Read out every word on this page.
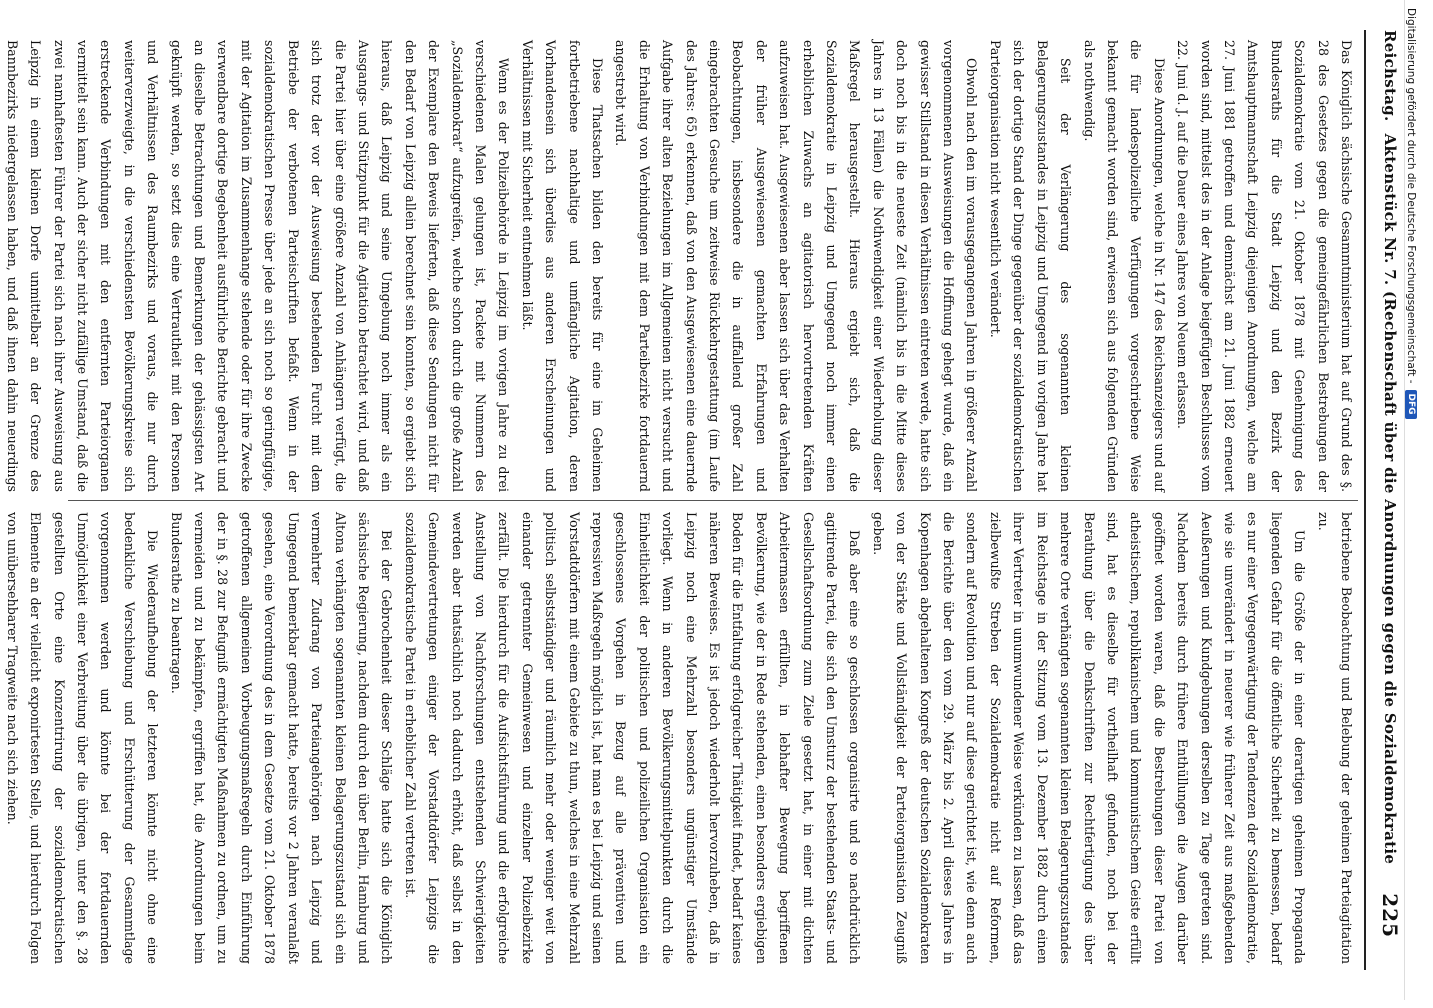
Reichstag.
Aktenstück Nr. 7. (Rechenschaft über die Anordnungen gegen die Sozialdemokratie
225

Das Königlich sächsische Gesammtministerium hat auf Grund des §. 28 des Gesetzes gegen die gemeingefährlichen Bestrebungen der Sozialdemokratie vom 21. Oktober 1878 mit Genehmigung des Bundesraths für die Stadt Leipzig und den Bezirk der Amtshauptmannschaft Leipzig diejenigen Anordnungen, welche am 27. Juni 1881 getroffen und demnächst am 21. Juni 1882 erneuert worden sind, mittelst des in der Anlage beigefügten Beschlusses vom 22. Juni d. J. auf die Dauer eines Jahres von Neuem erlassen.

Diese Anordnungen, welche in Nr. 147 des Reichsanzeigers und auf die für landespolizeiliche Verfügungen vorgeschriebene Weise bekannt gemacht worden sind, erwiesen sich aus folgenden Gründen als nothwendig.

Seit der Verlängerung des sogenannten kleinen Belagerungszustandes in Leipzig und Umgegend im vorigen Jahre hat sich der dortige Stand der Dinge gegenüber der sozialdemokratischen Parteiorganisation nicht wesentlich verändert.

Obwohl nach den im vorausgegangenen Jahren in größerer Anzahl vorgenommenen Ausweisungen die Hoffnung gehegt wurde, daß ein gewisser Stillstand in diesen Verhältnissen eintreten werde, hatte sich doch noch bis in die neueste Zeit (nämlich bis in die Mitte dieses Jahres in 13 Fällen) die Nothwendigkeit einer Wiederholung dieser Maßregel herausgestellt. Hieraus ergiebt sich, daß die Sozialdemokratie in Leipzig und Umgegend noch immer einen erheblichen Zuwachs an agitatorisch hervortretenden Kräften aufzuweisen hat. Ausgewiesenen aber lassen sich über das Verhalten der früher Ausgewiesenen gemachten Erfahrungen und Beobachtungen, insbesondere die in auffallend großer Zahl eingebrachten Gesuche um zeitweise Rückkehrgestattung (im Laufe des Jahres: 65) erkennen, daß von den Ausgewiesenen eine dauernde Aufgabe ihrer alten Beziehungen im Allgemeinen nicht versucht und die Erhaltung von Verbindungen mit dem Parteibezirke fortdauernd angestrebt wird.

Diese Thatsachen bilden den bereits für eine im Geheimen fortbetriebene nachhaltige und umfängliche Agitation, deren Vorhandensein sich überdies aus anderen Erscheinungen und Verhältnissen mit Sicherheit entnehmen läßt.

Wenn es der Polizeibehörde in Leipzig im vorigen Jahre zu drei verschiedenen Malen gelungen ist, Packete mit Nummern des „Sozialdemokrat“ aufzugreifen, welche schon durch die große Anzahl der Exemplare den Beweis lieferten, daß diese Sendungen nicht für den Bedarf von Leipzig allein berechnet sein konnten, so ergiebt sich hieraus, daß Leipzig und seine Umgebung noch immer als ein Ausgangs- und Stützpunkt für die Agitation betrachtet wird, und daß die Partei hier über eine größere Anzahl von Anhängern verfügt, die sich trotz der vor der Ausweisung bestehenden Furcht mit dem Betriebe der verbotenen Parteischriften befaßt. Wenn in der sozialdemokratischen Presse über jede an sich noch so geringfügige, mit der Agitation im Zusammenhange stehende oder für ihre Zwecke verwendbare dortige Begebenheit ausführliche Berichte gebracht und an dieselbe Betrachtungen und Bemerkungen der gehässigsten Art geknüpft werden, so setzt dies eine Vertrautheit mit den Personen und Verhältnissen des Raumbezirks und voraus, die nur durch weiterverzweigte, in die verschiedensten Bevölkerungskreise sich erstreckende Verbindungen mit den entfernten Parteiorganen vermittelt sein kann. Auch der sicher nicht zufällige Umstand, daß die zwei namhaftesten Führer der Partei sich nach ihrer Ausweisung aus Leipzig in einem kleinen Dorfe unmittelbar an der Grenze des Bannbezirks niedergelassen haben, und daß ihnen dahin neuerdings

betriebene Beobachtung und Belebung der geheimen Parteiagitation zu.

Um die Größe der in einer derartigen geheimen Propaganda liegenden Gefahr für die öffentliche Sicherheit zu bemessen, bedarf es nur einer Vergegenwärtigung der Tendenzen der Sozialdemokratie, wie sie unverändert in neuerer wie früherer Zeit aus maßgebenden Aeußerungen und Kundgebungen derselben zu Tage getreten sind. Nachdem bereits durch frühere Enthüllungen die Augen darüber geöffnet worden waren, daß die Bestrebungen dieser Partei von atheistischem, republikanischem und kommunistischem Geiste erfüllt sind, hat es dieselbe für vortheilhaft gefunden, noch bei der Berathung über die Denkschriften zur Rechtfertigung des über mehrere Orte verhängten sogenannten kleinen Belagerungszustandes im Reichstage in der Sitzung vom 13. Dezember 1882 durch einen ihrer Vertreter in unumwundener Weise verkünden zu lassen, daß das zielbewußte Streben der Sozialdemokratie nicht auf Reformen, sondern auf Revolution und nur auf diese gerichtet ist, wie denn auch die Berichte über den vom 29. März bis 2. April dieses Jahres in Kopenhagen abgehaltenen Kongreß der deutschen Sozialdemokraten von der Stärke und Vollständigkeit der Parteiorganisation Zeugniß geben.

Daß aber eine so geschlossen organisirte und so nachdrücklich agitirende Partei, die sich den Umsturz der bestehenden Staats- und Gesellschaftsordnung zum Ziele gesetzt hat, in einer mit dichten Arbeitermassen erfüllten, in lebhafter Bewegung begriffenen Bevölkerung, wie der in Rede stehenden, einen besonders ergiebigen Boden für die Entfaltung erfolgreicher Thätigkeit findet, bedarf keines näheren Beweises. Es ist jedoch wiederholt hervorzuheben, daß in Leipzig noch eine Mehrzahl besonders ungünstiger Umstände vorliegt. Wenn in anderen Bevölkerungsmittelpunkten durch die Einheitlichkeit der politischen und polizeilichen Organisation ein geschlossenes Vorgehen in Bezug auf alle präventiven und repressiven Maßregeln möglich ist, hat man es bei Leipzig und seinen Vorstadtdörfern mit einem Gebiete zu thun, welches in eine Mehrzahl politisch selbstständiger und räumlich mehr oder weniger weit von einander getrennter Gemeinwesen und einzelner Polizeibezirke zerfällt. Die hierdurch für die Aufsichtsführung und die erfolgreiche Anstellung von Nachforschungen entstehenden Schwierigkeiten werden aber thatsächlich noch dadurch erhöht, daß selbst in den Gemeindevertretungen einiger der Vorstadtdörfer Leipzigs die sozialdemokratische Partei in erheblicher Zahl vertreten ist.

Bei der Gebrochenheit dieser Schläge hatte sich die Königlich sächsische Regierung, nachdem durch den über Berlin, Hamburg und Altona verhängten sogenannten kleinen Belagerungszustand sich ein vermehrter Zudrang von Parteiangehörigen nach Leipzig und Umgegend bemerkbar gemacht hatte, bereits vor 2 Jahren veranlaßt gesehen, eine Verordnung des in dem Gesetze vom 21. Oktober 1878 getroffenen allgemeinen Vorbeugungsmaßregeln durch Einführung der in §. 28 zur Befugniß ermächtigten Maßnahmen zu ordnen, um zu vermeiden und zu bekämpfen, ergriffen hat, die Anordnungen beim Bundesrathe zu beantragen.

Die Wiederaufhebung der letzteren könnte nicht ohne eine bedenkliche Verschiebung und Erschütterung der Gesammtlage vorgenommen werden und könnte bei der fortdauernden Unmöglichkeit einer Verbreitung über die übrigen, unter den §. 28 gestellten Orte eine Konzentrirung der sozialdemokratischen Elemente an der vielleicht exponirtesten Stelle, und hierdurch Folgen von unübersehbarer Tragweite nach sich ziehen.

Digitalisierung gefördert durch die Deutsche Forschungsgemeinschaft -
DFG
